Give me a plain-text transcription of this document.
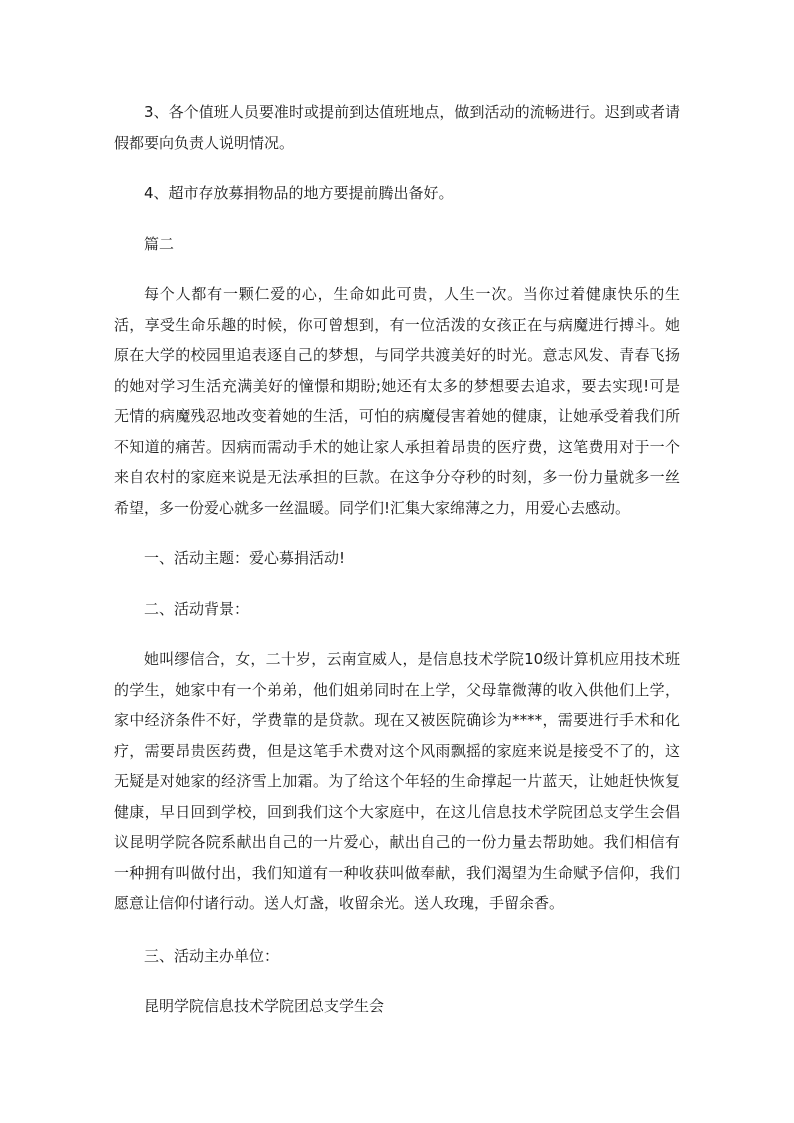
3、各个值班人员要准时或提前到达值班地点，做到活动的流畅进行。迟到或者请假都要向负责人说明情况。

4、超市存放募捐物品的地方要提前腾出备好。

篇二

每个人都有一颗仁爱的心，生命如此可贵，人生一次。当你过着健康快乐的生活，享受生命乐趣的时候，你可曾想到，有一位活泼的女孩正在与病魔进行搏斗。她原在大学的校园里追表逐自己的梦想，与同学共渡美好的时光。意志风发、青春飞扬的她对学习生活充满美好的憧憬和期盼;她还有太多的梦想要去追求，要去实现!可是无情的病魔残忍地改变着她的生活，可怕的病魔侵害着她的健康，让她承受着我们所不知道的痛苦。因病而需动手术的她让家人承担着昂贵的医疗费，这笔费用对于一个来自农村的家庭来说是无法承担的巨款。在这争分夺秒的时刻，多一份力量就多一丝希望，多一份爱心就多一丝温暖。同学们!汇集大家绵薄之力，用爱心去感动。

一、活动主题：爱心募捐活动!

二、活动背景：

她叫缪信合，女，二十岁，云南宣威人，是信息技术学院10级计算机应用技术班的学生，她家中有一个弟弟，他们姐弟同时在上学，父母靠微薄的收入供他们上学，家中经济条件不好，学费靠的是贷款。现在又被医院确诊为****，需要进行手术和化疗，需要昂贵医药费，但是这笔手术费对这个风雨飘摇的家庭来说是接受不了的，这无疑是对她家的经济雪上加霜。为了给这个年轻的生命撑起一片蓝天，让她赶快恢复健康，早日回到学校，回到我们这个大家庭中，在这儿信息技术学院团总支学生会倡议昆明学院各院系献出自己的一片爱心，献出自己的一份力量去帮助她。我们相信有一种拥有叫做付出，我们知道有一种收获叫做奉献，我们渴望为生命赋予信仰，我们愿意让信仰付诸行动。送人灯盏，收留余光。送人玫瑰，手留余香。

三、活动主办单位：

昆明学院信息技术学院团总支学生会
